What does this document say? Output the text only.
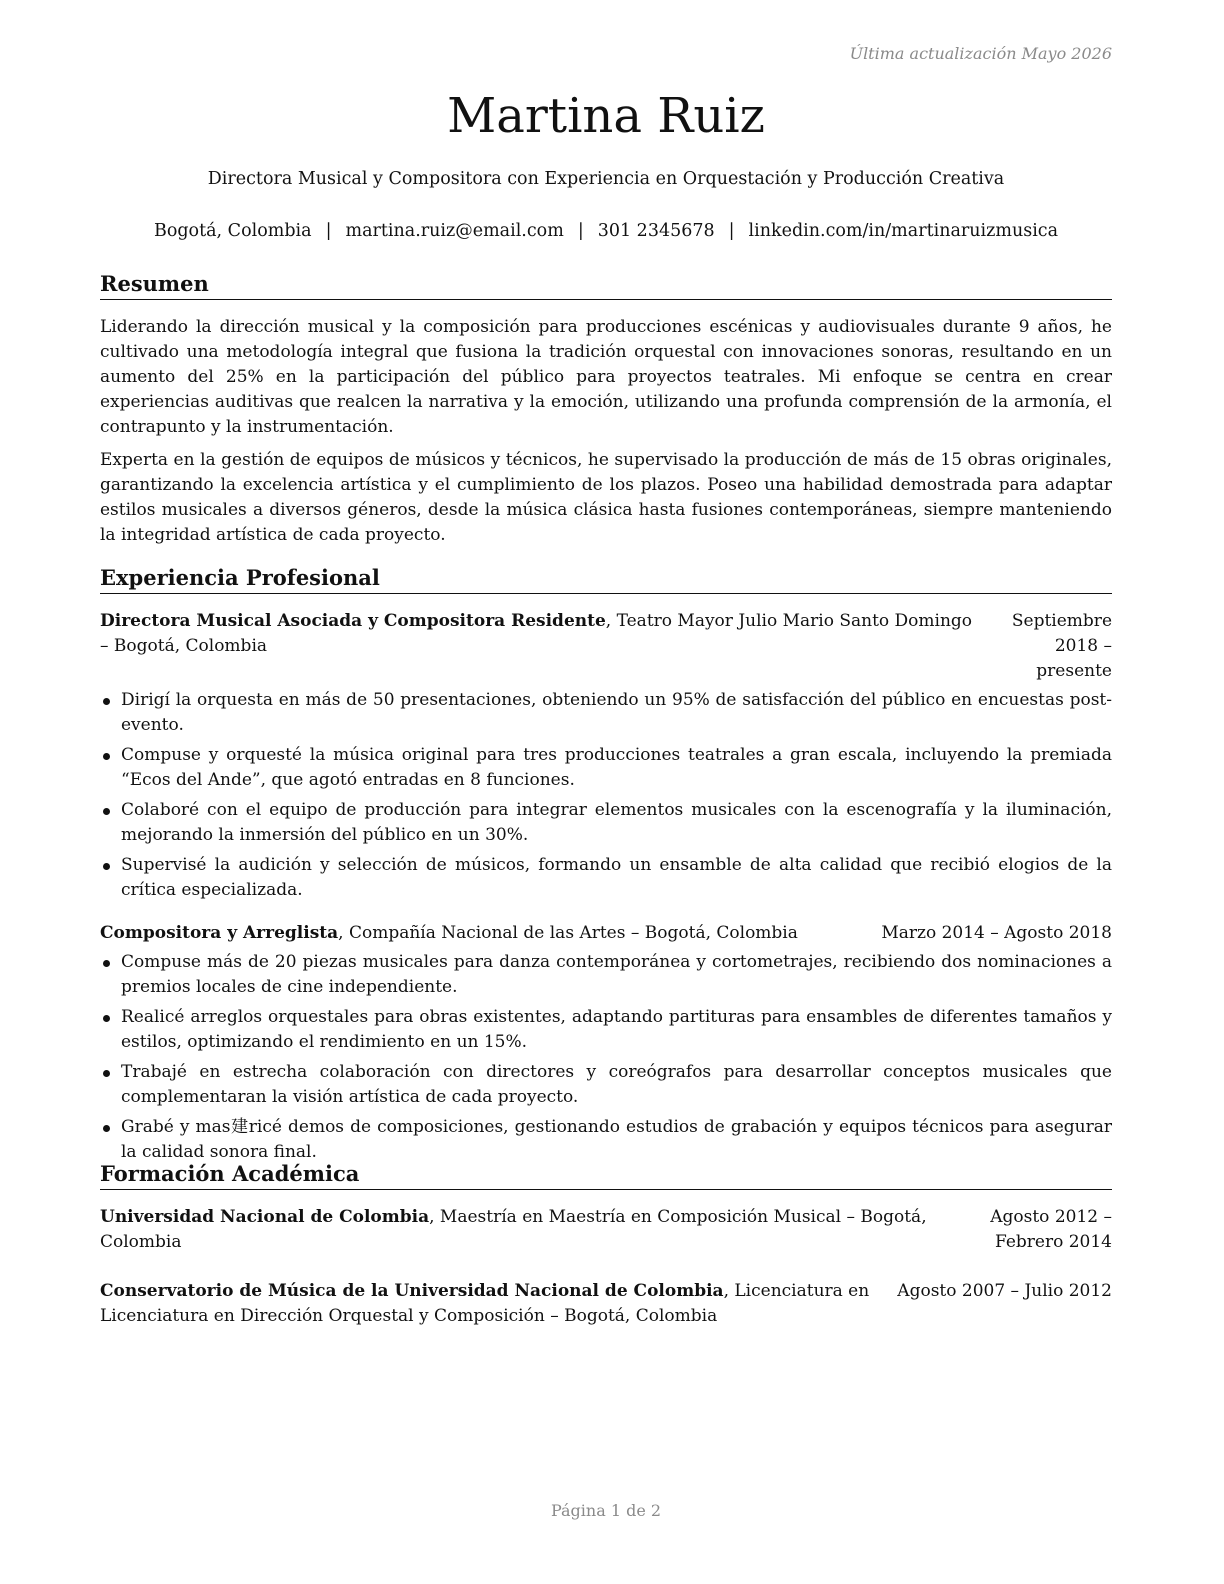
Última actualización Mayo 2026
Martina Ruiz
Directora Musical y Compositora con Experiencia en Orquestación y Producción Creativa
Bogotá, Colombia | martina.ruiz@email.com | 301 2345678 | linkedin.com/in/martinaruizmusica
Resumen

Liderando la dirección musical y la composición para producciones escénicas y audiovisuales durante 9 años, he cultivado una metodología integral que fusiona la tradición orquestal con innovaciones sonoras, resultando en un aumento del 25% en la participación del público para proyectos teatrales. Mi enfoque se centra en crear experiencias auditivas que realcen la narrativa y la emoción, utilizando una profunda comprensión de la armonía, el contrapunto y la instrumentación.

Experta en la gestión de equipos de músicos y técnicos, he supervisado la producción de más de 15 obras originales, garantizando la excelencia artística y el cumplimiento de los plazos. Poseo una habilidad demostrada para adaptar estilos musicales a diversos géneros, desde la música clásica hasta fusiones contemporáneas, siempre manteniendo la integridad artística de cada proyecto.

Experiencia Profesional
Directora Musical Asociada y Compositora Residente, Teatro Mayor Julio Mario Santo Domingo – Bogotá, Colombia
Septiembre 2018 – presente
Dirigí la orquesta en más de 50 presentaciones, obteniendo un 95% de satisfacción del público en encuestas post-evento.
Compuse y orquesté la música original para tres producciones teatrales a gran escala, incluyendo la premiada “Ecos del Ande”, que agotó entradas en 8 funciones.
Colaboré con el equipo de producción para integrar elementos musicales con la escenografía y la iluminación, mejorando la inmersión del público en un 30%.
Supervisé la audición y selección de músicos, formando un ensamble de alta calidad que recibió elogios de la crítica especializada.
Compositora y Arreglista, Compañía Nacional de las Artes – Bogotá, Colombia	Marzo 2014 – Agosto 2018
Compuse más de 20 piezas musicales para danza contemporánea y cortometrajes, recibiendo dos nominaciones a premios locales de cine independiente.
Realicé arreglos orquestales para obras existentes, adaptando partituras para ensambles de diferentes tamaños y estilos, optimizando el rendimiento en un 15%.
Trabajé en estrecha colaboración con directores y coreógrafos para desarrollar conceptos musicales que complementaran la visión artística de cada proyecto.
Grabé y mas建ricé demos de composiciones, gestionando estudios de grabación y equipos técnicos para asegurar la calidad sonora final.
Formación Académica
Universidad Nacional de Colombia, Maestría en Maestría en Composición Musical – Bogotá, Colombia
Agosto 2012 – Febrero 2014
Conservatorio de Música de la Universidad Nacional de Colombia, Licenciatura en Licenciatura en Dirección Orquestal y Composición – Bogotá, Colombia
Agosto 2007 – Julio 2012
Página 1 de 2
